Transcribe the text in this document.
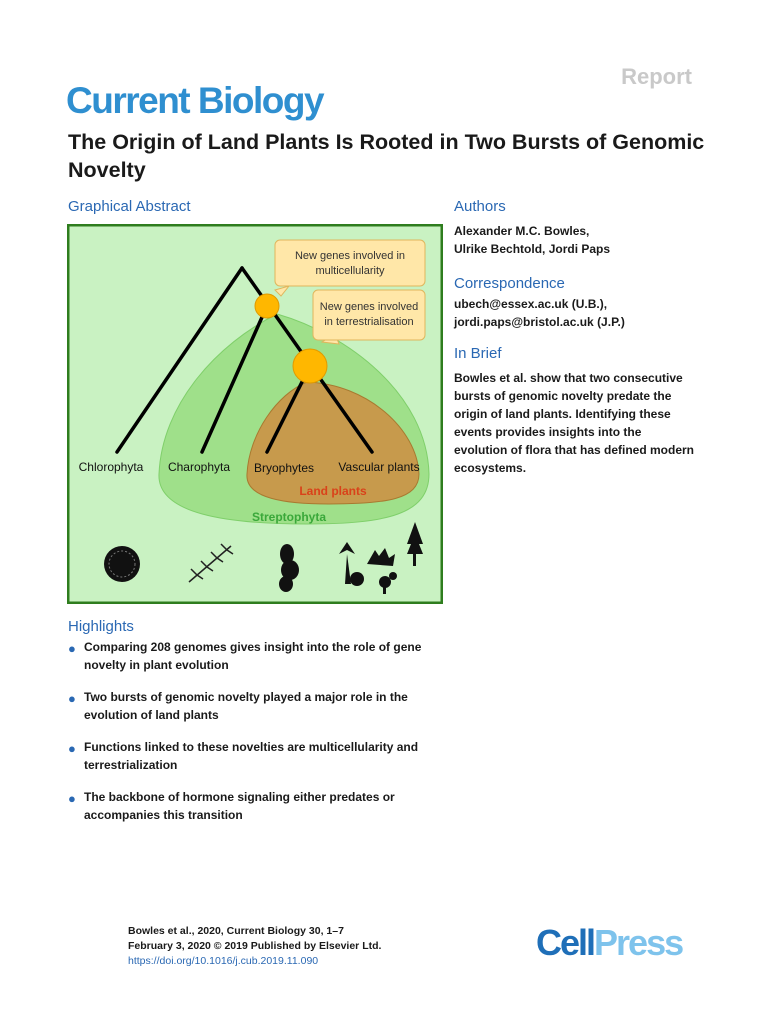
Report
Current Biology
The Origin of Land Plants Is Rooted in Two Bursts of Genomic Novelty
Graphical Abstract
New genes involved in
multicellularity
New genes involved
in terrestrialisation
Chlorophyta Charophyta Bryophytes Vascular plants
Land plants
Streptophyta
Authors
Alexander M.C. Bowles,
Ulrike Bechtold, Jordi Paps
Correspondence
ubech@essex.ac.uk (U.B.),
jordi.paps@bristol.ac.uk (J.P.)
In Brief
Bowles et al. show that two consecutive
bursts of genomic novelty predate the
origin of land plants. Identifying these
events provides insights into the
evolution of flora that has defined modern
ecosystems.
Highlights
● Comparing 208 genomes gives insight into the role of gene
novelty in plant evolution
● Two bursts of genomic novelty played a major role in the
evolution of land plants
● Functions linked to these novelties are multicellularity and
terrestrialization
● The backbone of hormone signaling either predates or
accompanies this transition
Bowles et al., 2020, Current Biology 30, 1–7
February 3, 2020 © 2019 Published by Elsevier Ltd.
https://doi.org/10.1016/j.cub.2019.11.090	CellPress
